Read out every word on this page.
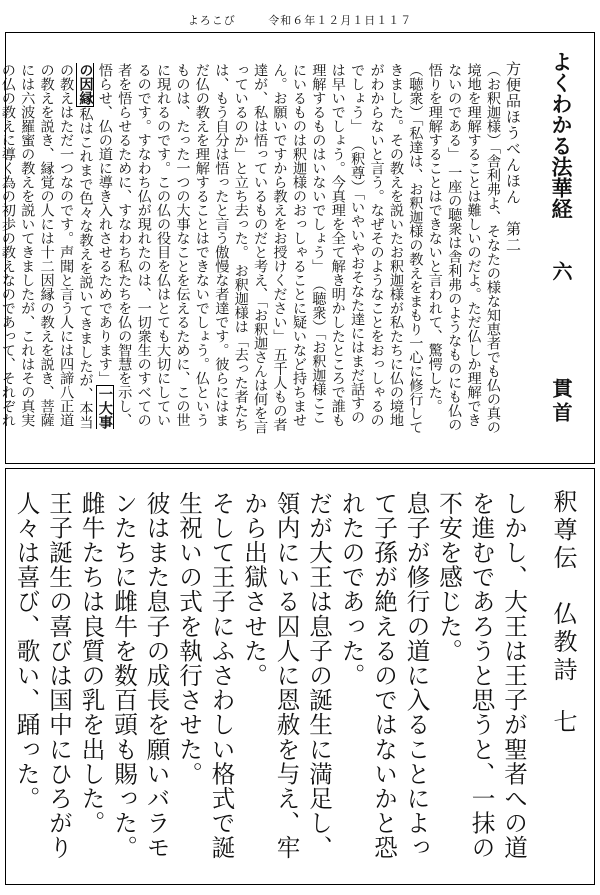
よろこび	令和６年１２月１日１１７
よくわかる法華経
六
貫首
方便品ほうべんほん　第二
（お釈迦様）「舎利弗よ、そなたの様な知恵者でも仏の真の境地を理解することは難しいのだよ。ただ仏しか理解できないのである」 一座の聴衆は舎利弗のようなものにも仏の悟りを理解することはできないと言われて、驚愕した。 （聴衆）「私達は、お釈迦様の教えをまもり一心に修行してきました。その教えを説いたお釈迦様が私たちに仏の境地がわからないと言う。なぜそのようなことをおっしゃるのでしょう」 （釈尊）「いやいやおそなた達にはまだ話すのは早いでしょう。今真理を全て解き明かしたところで誰も理解するものはいないでしょう」 （聴衆）「お釈迦様ここにいるものは釈迦様のおっしゃることに疑いなど持ちません。お願いですから教えをお授けください」 五千人もの者達が、私は悟っているものだと考え、「お釈迦さんは何を言っているのか」と立ち去った。 お釈迦様は「去った者たちは、もう自分は悟ったと言う傲慢な者達です。彼らにはまだ仏の教えを理解することはできないでしょう。仏というものは、たった一つの大事なことを伝えるために、この世に現れるのです。この仏の役目を仏はとても大切にしているのです。すなわち仏が現れたのは、一切衆生のすべての者を悟らせるために、すなわち私たちを仏の智慧を示し、悟らせ、仏の道に導き入れさせるためであります」一大事の因縁私はこれまで色々な教えを説いてきましたが、本当の教えはただ一つなのです。声聞と言う人には四諦八正道の教えを説き、縁覚の人には十二因縁の教えを説き、菩薩には六波羅蜜の教えを説いてきましたが、これはその真実の仏の教えに導く為の初歩の教えなのであって、それぞれ
釈尊伝
仏教詩
七

しかし、大王は王子が聖者への道を進むであろうと思うと、一抹の不安を感じた。

息子が修行の道に入ることによって子孫が絶えるのではないかと恐れたのであった。

だが大王は息子の誕生に満足し、領内にいる囚人に恩赦を与え、牢から出獄させた。

そして王子にふさわしい格式で誕生祝いの式を執行させた。

彼はまた息子の成長を願いバラモンたちに雌牛を数百頭も賜った。雌牛たちは良質の乳を出した。

王子誕生の喜びは国中にひろがり人々は喜び、歌い、踊った。
